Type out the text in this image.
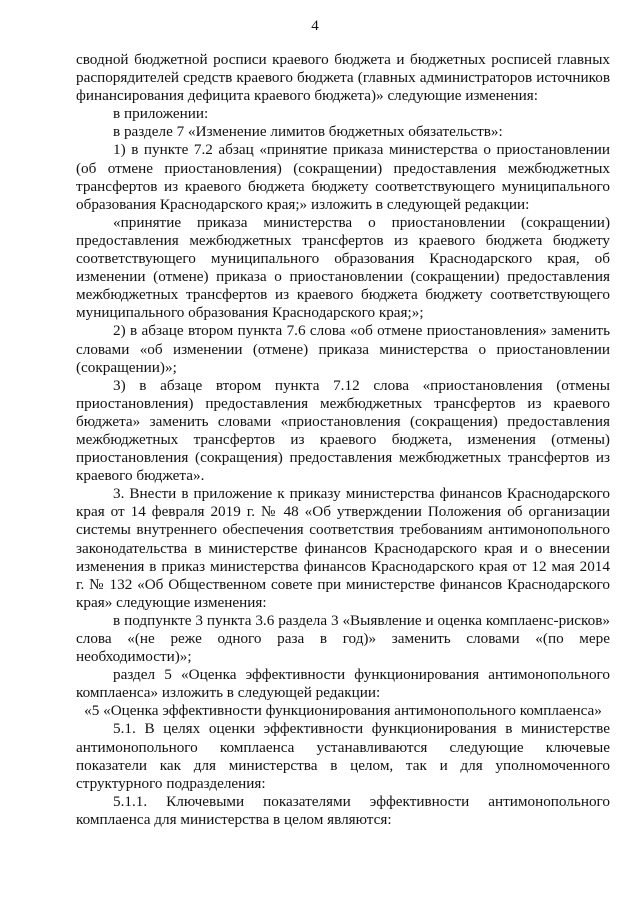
4

сводной бюджетной росписи краевого бюджета и бюджетных росписей главных распорядителей средств краевого бюджета (главных администраторов источников финансирования дефицита краевого бюджета)» следующие изменения:

в приложении:

в разделе 7 «Изменение лимитов бюджетных обязательств»:

1) в пункте 7.2 абзац «принятие приказа министерства о приостановлении (об отмене приостановления) (сокращении) предоставления межбюджетных трансфертов из краевого бюджета бюджету соответствующего муниципального образования Краснодарского края;» изложить в следующей редакции:

«принятие приказа министерства о приостановлении (сокращении) предоставления межбюджетных трансфертов из краевого бюджета бюджету соответствующего муниципального образования Краснодарского края, об изменении (отмене) приказа о приостановлении (сокращении) предоставления межбюджетных трансфертов из краевого бюджета бюджету соответствующего муниципального образования Краснодарского края;»;

2) в абзаце втором пункта 7.6 слова «об отмене приостановления» заменить словами «об изменении (отмене) приказа министерства о приостановлении (сокращении)»;

3) в абзаце втором пункта 7.12 слова «приостановления (отмены приостановления) предоставления межбюджетных трансфертов из краевого бюджета» заменить словами «приостановления (сокращения) предоставления межбюджетных трансфертов из краевого бюджета, изменения (отмены) приостановления (сокращения) предоставления межбюджетных трансфертов из краевого бюджета».

3. Внести в приложение к приказу министерства финансов Краснодарского края от 14 февраля 2019 г. № 48 «Об утверждении Положения об организации системы внутреннего обеспечения соответствия требованиям антимонопольного законодательства в министерстве финансов Краснодарского края и о внесении изменения в приказ министерства финансов Краснодарского края от 12 мая 2014 г. № 132 «Об Общественном совете при министерстве финансов Краснодарского края» следующие изменения:

в подпункте 3 пункта 3.6 раздела 3 «Выявление и оценка комплаенс-рисков» слова «(не реже одного раза в год)» заменить словами «(по мере необходимости)»;

раздел 5 «Оценка эффективности функционирования антимонопольного комплаенса» изложить в следующей редакции:

«5 «Оценка эффективности функционирования антимонопольного комплаенса»

5.1. В целях оценки эффективности функционирования в министерстве антимонопольного комплаенса устанавливаются следующие ключевые показатели как для министерства в целом, так и для уполномоченного структурного подразделения:

5.1.1. Ключевыми показателями эффективности антимонопольного комплаенса для министерства в целом являются:
